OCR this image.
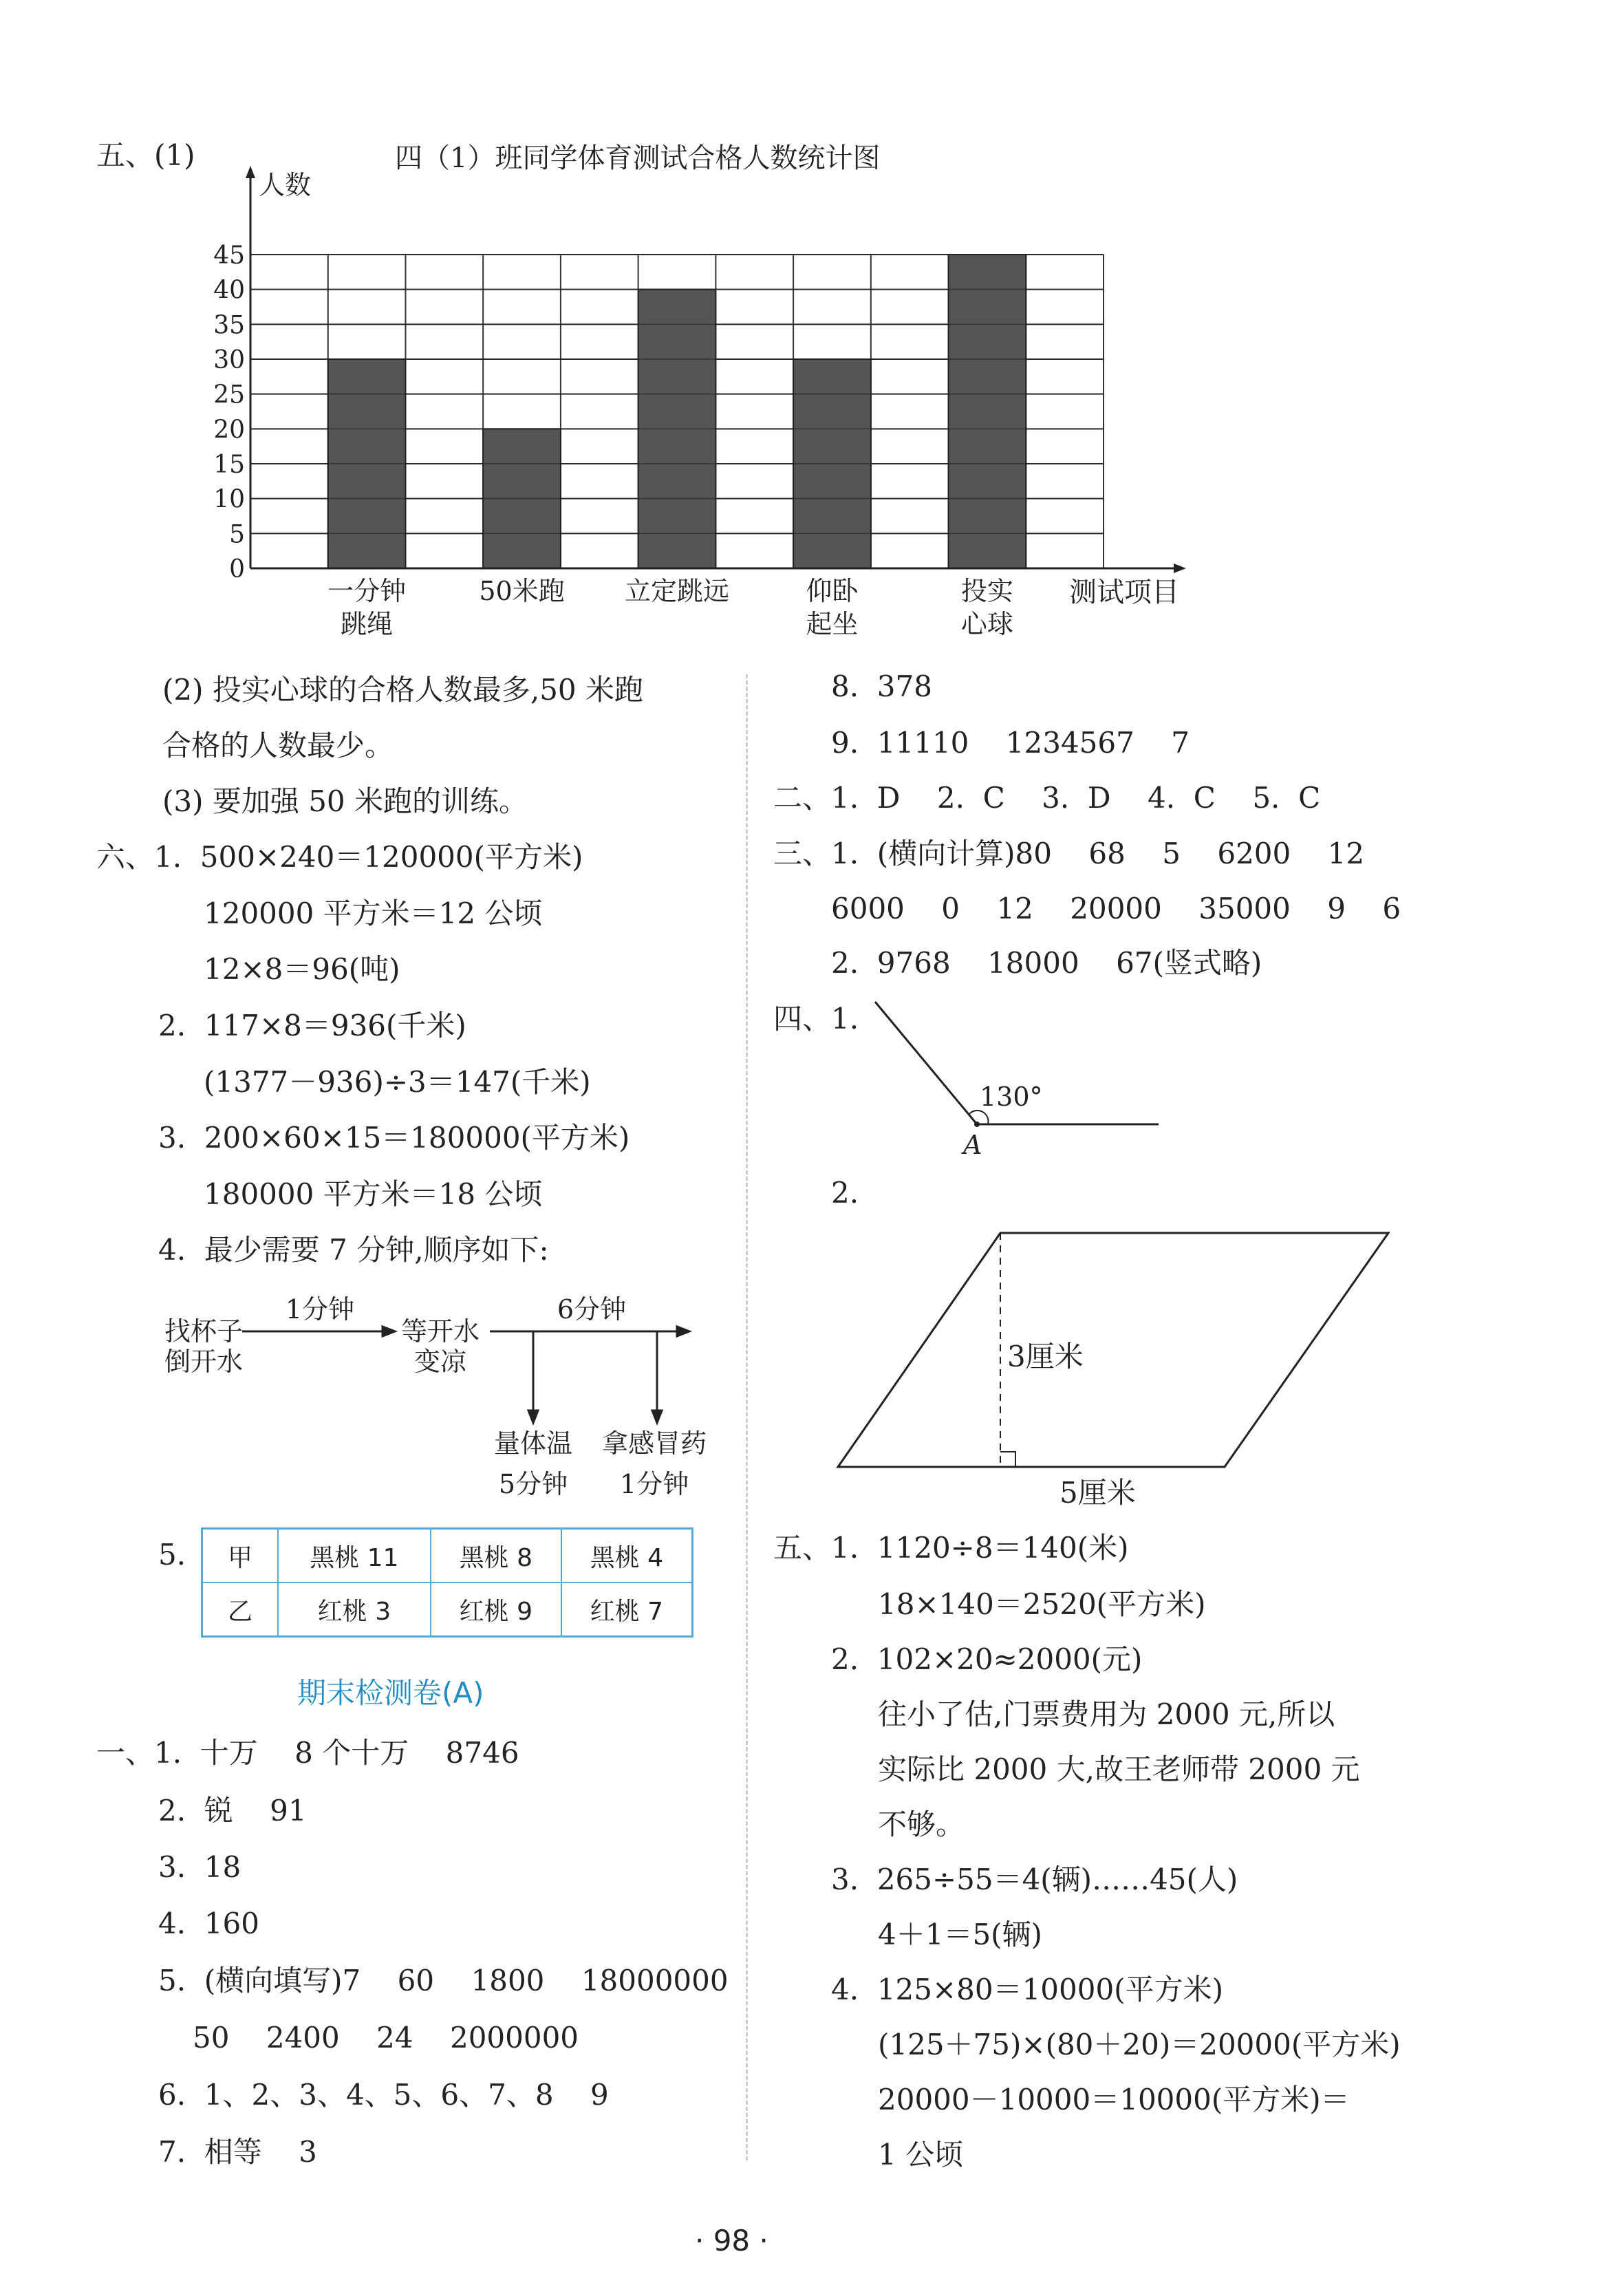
五、(1)	四（1）班同学体育测试合格人数统计图
0
5
10
15
20
25
30
35
40
45
人数
测试项目
一分钟
跳绳
50米跑 立定跳远	仰卧
起坐
投实
心球
(2) 投实心球的合格人数最多,50 米跑
合格的人数最少。
(3) 要加强 50 米跑的训练。
六、1.  500×240＝120000(平方米)
120000 平方米＝12 公顷
12×8＝96(吨)
2.  117×8＝936(千米)
(1377－936)÷3＝147(千米)
3.  200×60×15＝180000(平方米)
180000 平方米＝18 公顷
4.  最少需要 7 分钟,顺序如下:
找杯子
倒开水
1分钟
等开水
变凉
6分钟
量体温
5分钟
拿感冒药
1分钟
5. 甲	黑桃 11	黑桃 8	黑桃 4
乙	红桃 3	红桃 9	红桃 7
期末检测卷(A)
一、1.  十万    8 个十万    8746
2.  锐    91
3.  18
4.  160
5.  (横向填写)7    60    1800    18000000
50    2400    24    2000000
6.  1、2、3、4、5、6、7、8    9
7.  相等    3
8.  378
9.  11110    1234567    7
二、1.  D    2.  C    3.  D    4.  C    5.  C
三、1.  (横向计算)80    68    5    6200    12
6000    0    12    20000    35000    9    6
2.  9768    18000    67(竖式略)
四、1.
130°
A
2.
3厘米
5厘米
五、1.  1120÷8＝140(米)
18×140＝2520(平方米)
2.  102×20≈2000(元)
往小了估,门票费用为 2000 元,所以
实际比 2000 大,故王老师带 2000 元
不够。
3.  265÷55＝4(辆)……45(人)
4＋1＝5(辆)
4.  125×80＝10000(平方米)
(125＋75)×(80＋20)＝20000(平方米)
20000－10000＝10000(平方米)＝
1 公顷
· 98 ·
